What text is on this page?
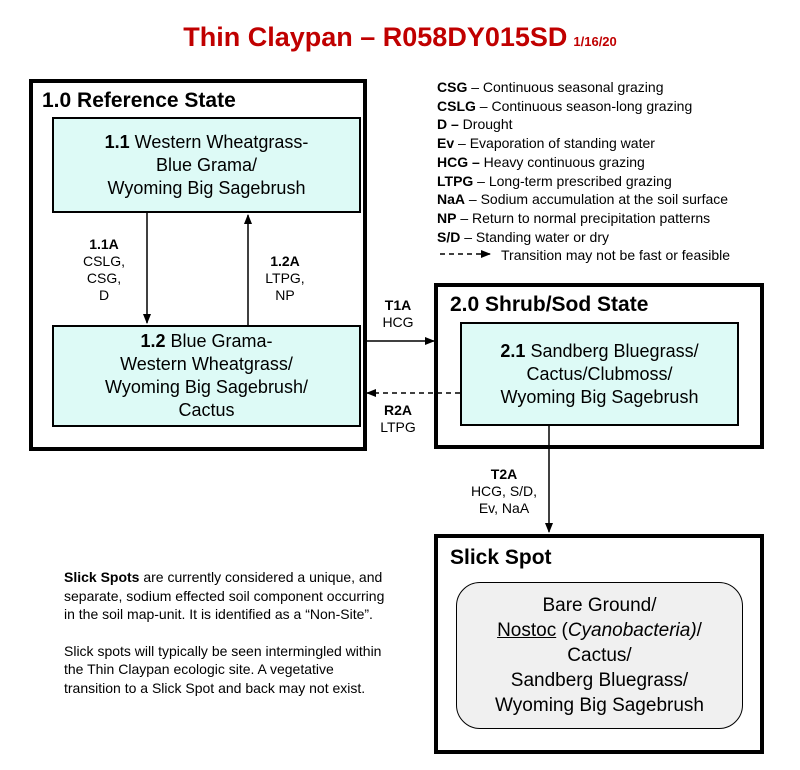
Thin Claypan – R058DY015SD 1/16/20
1.0 Reference State
1.1 Western Wheatgrass-
Blue Grama/
Wyoming Big Sagebrush
1.2 Blue Grama-
Western Wheatgrass/
Wyoming Big Sagebrush/
Cactus
1.1A
CSLG,
CSG,
D
1.2A
LTPG,
NP
T1A
HCG
R2A
LTPG
CSG – Continuous seasonal grazing
CSLG – Continuous season-long grazing
D – Drought
Ev – Evaporation of standing water
HCG – Heavy continuous grazing
LTPG – Long-term prescribed grazing
NaA – Sodium accumulation at the soil surface
NP – Return to normal precipitation patterns
S/D – Standing water or dry
Transition may not be fast or feasible
2.0 Shrub/Sod State
2.1 Sandberg Bluegrass/
Cactus/Clubmoss/
Wyoming Big Sagebrush
T2A
HCG, S/D,
Ev, NaA
Slick Spot
Bare Ground/
Nostoc (Cyanobacteria)/
Cactus/
Sandberg Bluegrass/
Wyoming Big Sagebrush

Slick Spots are currently considered a unique, and separate, sodium effected soil component occurring in the soil map-unit. It is identified as a “Non-Site”.

Slick spots will typically be seen intermingled within the Thin Claypan ecologic site. A vegetative transition to a Slick Spot and back may not exist.
